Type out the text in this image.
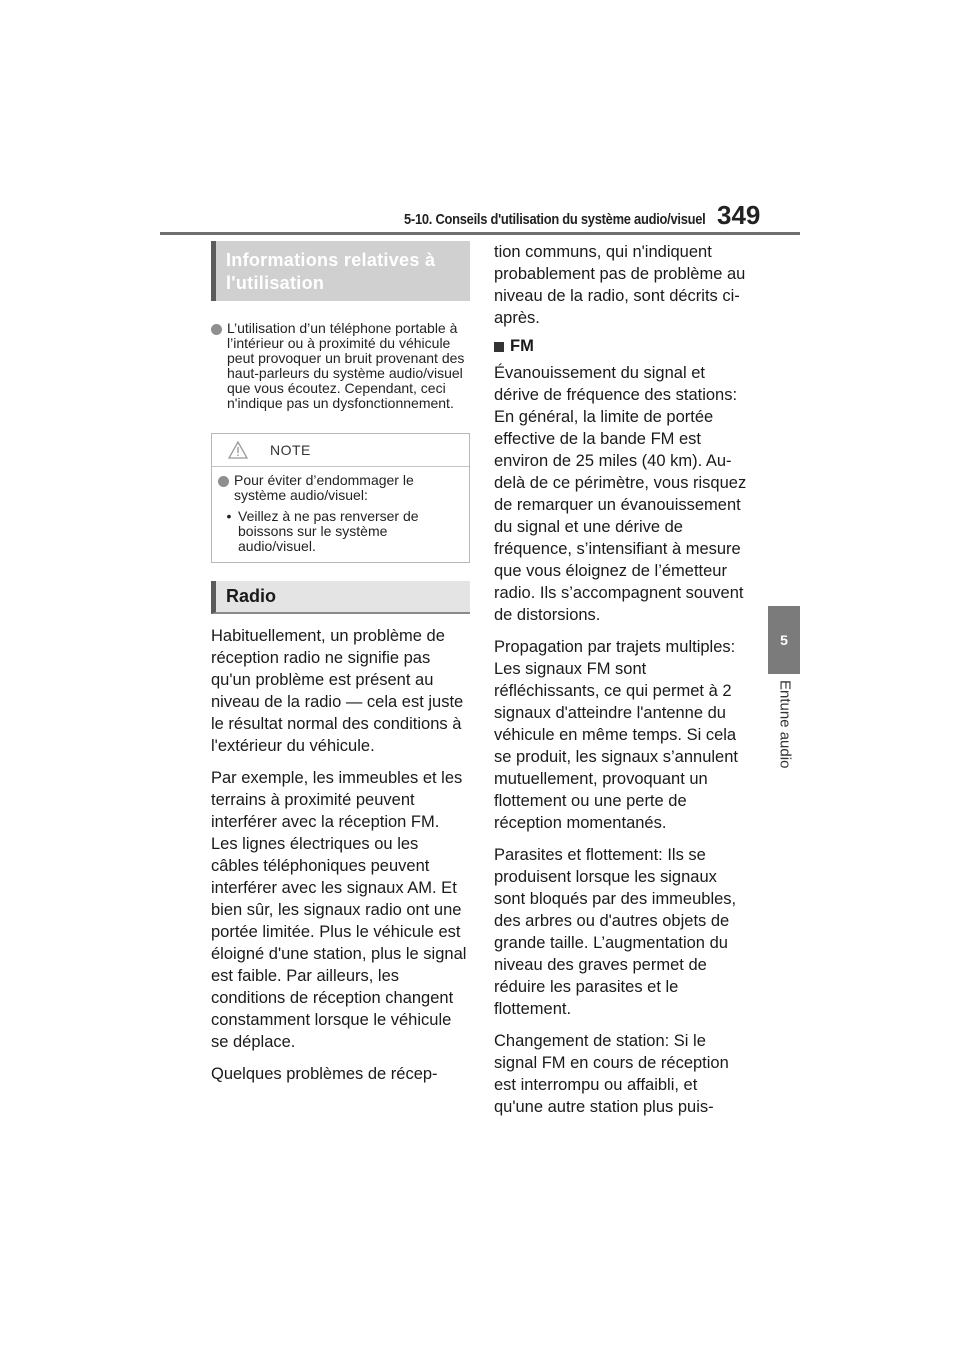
5-10. Conseils d'utilisation du système audio/visuel 349
5
Entune audio
Informations relatives à l'utilisation
L’utilisation d’un téléphone portable à l’intérieur ou à proximité du véhicule peut provoquer un bruit provenant des haut-parleurs du système audio/visuel que vous écoutez. Cependant, ceci n'indique pas un dysfonctionnement.
NOTE
Pour éviter d’endommager le système audio/visuel:
• Veillez à ne pas renverser de boissons sur le système audio/visuel.
Radio

Habituellement, un problème de réception radio ne signifie pas qu'un problème est présent au niveau de la radio — cela est juste le résultat normal des conditions à l'extérieur du véhicule.

Par exemple, les immeubles et les terrains à proximité peuvent interférer avec la réception FM. Les lignes électriques ou les câbles téléphoniques peuvent interférer avec les signaux AM. Et bien sûr, les signaux radio ont une portée limitée. Plus le véhicule est éloigné d'une station, plus le signal est faible. Par ailleurs, les conditions de réception changent constamment lorsque le véhicule se déplace.

Quelques problèmes de récep-

tion communs, qui n'indiquent probablement pas de problème au niveau de la radio, sont décrits ci-après.

FM

Évanouissement du signal et dérive de fréquence des stations: En général, la limite de portée effective de la bande FM est environ de 25 miles (40 km). Au-delà de ce périmètre, vous risquez de remarquer un évanouissement du signal et une dérive de fréquence, s’intensifiant à mesure que vous éloignez de l’émetteur radio. Ils s’accompagnent souvent de distorsions.

Propagation par trajets multiples: Les signaux FM sont réfléchissants, ce qui permet à 2 signaux d'atteindre l'antenne du véhicule en même temps. Si cela se produit, les signaux s’annulent mutuellement, provoquant un flottement ou une perte de réception momentanés.

Parasites et flottement: Ils se produisent lorsque les signaux sont bloqués par des immeubles, des arbres ou d'autres objets de grande taille. L’augmentation du niveau des graves permet de réduire les parasites et le flottement.

Changement de station: Si le signal FM en cours de réception est interrompu ou affaibli, et qu'une autre station plus puis-
